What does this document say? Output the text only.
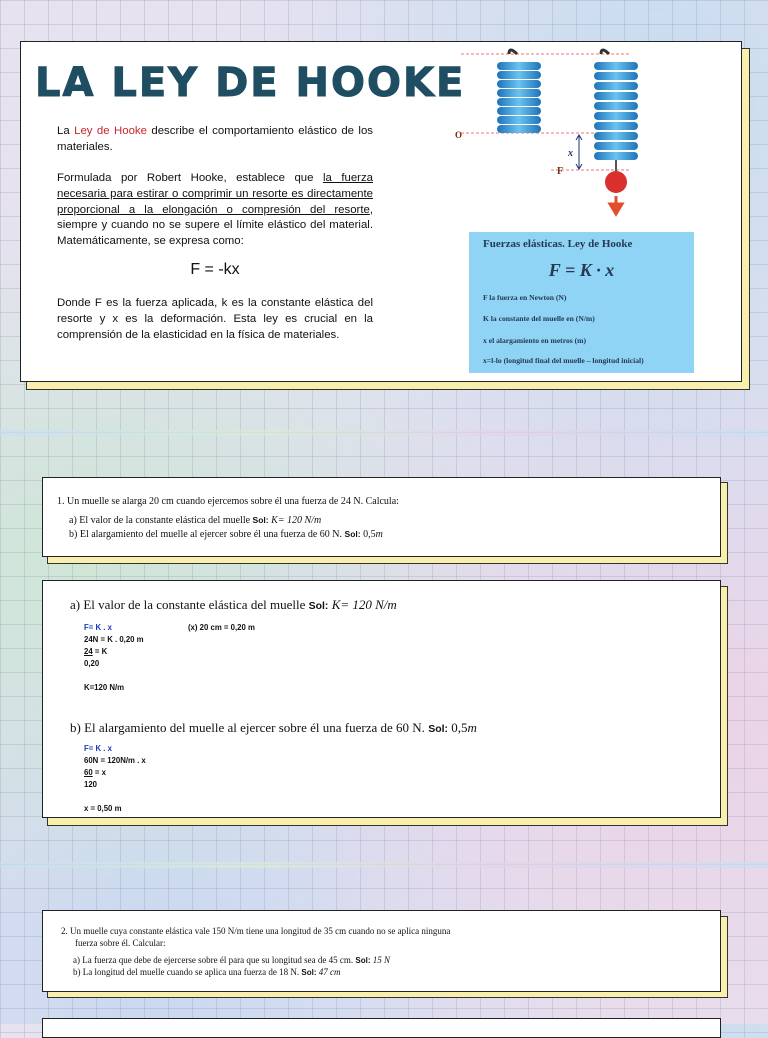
LA LEY DE HOOKE

La Ley de Hooke describe el comportamiento elástico de los materiales.

Formulada por Robert Hooke, establece que la fuerza necesaria para estirar o comprimir un resorte es directamente proporcional a la elongación o compresión del resorte, siempre y cuando no se supere el límite elástico del material. Matemáticamente, se expresa como:

F = -kx

Donde F es la fuerza aplicada, k es la constante elástica del resorte y x es la deformación. Esta ley es crucial en la comprensión de la elasticidad en la física de materiales.

O
x
F
Fuerzas elásticas. Ley de Hooke
F = K · x
F la fuerza en Newton (N)
K la constante del muelle en (N/m)
x el alargamiento en metros (m)
x=l-lo (longitud final del muelle – longitud inicial)
1. Un muelle se alarga 20 cm cuando ejercemos sobre él una fuerza de 24 N. Calcula:
a) El valor de la constante elástica del muelle Sol: K= 120 N/m
b) El alargamiento del muelle al ejercer sobre él una fuerza de 60 N. Sol: 0,5m
a) El valor de la constante elástica del muelle Sol: K= 120 N/m
F= K . x	(x) 20 cm = 0,20 m
24N = K . 0,20 m
24 = K
0,20
K=120 N/m
b) El alargamiento del muelle al ejercer sobre él una fuerza de 60 N. Sol: 0,5m
F= K . x
60N = 120N/m . x
60 = x
120
x = 0,50 m
2. Un muelle cuya constante elástica vale 150 N/m tiene una longitud de 35 cm cuando no se aplica ninguna
fuerza sobre él. Calcular:
a) La fuerza que debe de ejercerse sobre él para que su longitud sea de 45 cm. Sol: 15 N
b) La longitud del muelle cuando se aplica una fuerza de 18 N. Sol: 47 cm
